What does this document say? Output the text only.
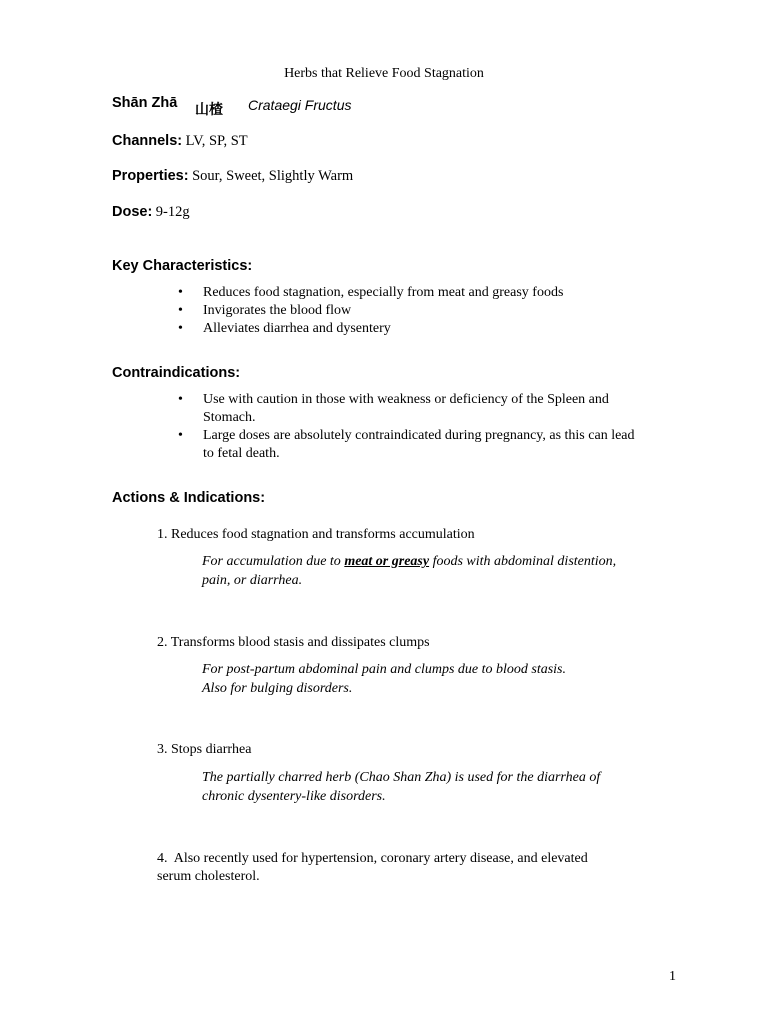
Herbs that Relieve Food Stagnation
Shān Zhā 山楂 Crataegi Fructus
Channels: LV, SP, ST
Properties: Sour, Sweet, Slightly Warm
Dose: 9-12g
Key Characteristics:
• Reduces food stagnation, especially from meat and greasy foods
• Invigorates the blood flow
• Alleviates diarrhea and dysentery
Contraindications:
• Use with caution in those with weakness or deficiency of the Spleen and Stomach.
• Large doses are absolutely contraindicated during pregnancy, as this can lead to fetal death.
Actions & Indications:
1. Reduces food stagnation and transforms accumulation
For accumulation due to meat or greasy foods with abdominal distention,
pain, or diarrhea.
2. Transforms blood stasis and dissipates clumps
For post-partum abdominal pain and clumps due to blood stasis.
Also for bulging disorders.
3. Stops diarrhea
The partially charred herb (Chao Shan Zha) is used for the diarrhea of
chronic dysentery-like disorders.
4. Also recently used for hypertension, coronary artery disease, and elevated
serum cholesterol.
1
